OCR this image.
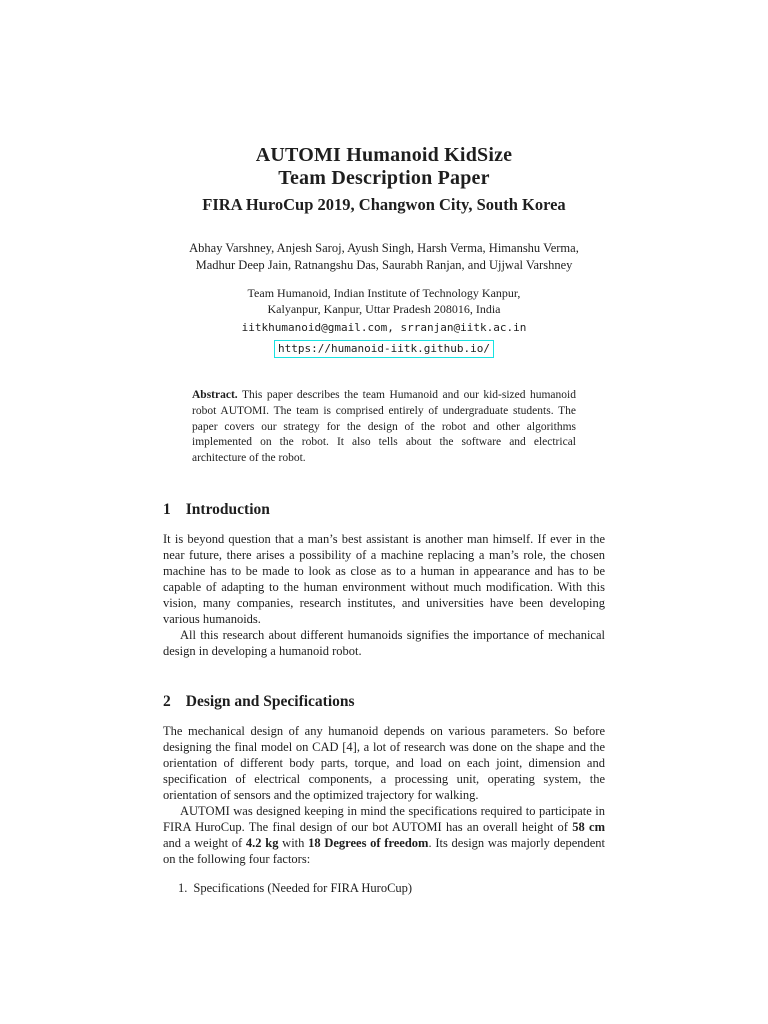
AUTOMI Humanoid KidSize
Team Description Paper
FIRA HuroCup 2019, Changwon City, South Korea
Abhay Varshney, Anjesh Saroj, Ayush Singh, Harsh Verma, Himanshu Verma,
Madhur Deep Jain, Ratnangshu Das, Saurabh Ranjan, and Ujjwal Varshney
Team Humanoid, Indian Institute of Technology Kanpur,
Kalyanpur, Kanpur, Uttar Pradesh 208016, India
iitkhumanoid@gmail.com, srranjan@iitk.ac.in
https://humanoid-iitk.github.io/
Abstract. This paper describes the team Humanoid and our kid-sized humanoid robot AUTOMI. The team is comprised entirely of undergraduate students. The paper covers our strategy for the design of the robot and other algorithms implemented on the robot. It also tells about the software and electrical architecture of the robot.
1 Introduction
It is beyond question that a man’s best assistant is another man himself. If ever in the near future, there arises a possibility of a machine replacing a man’s role, the chosen machine has to be made to look as close as to a human in appearance and has to be capable of adapting to the human environment without much modification. With this vision, many companies, research institutes, and universities have been developing various humanoids.
All this research about different humanoids signifies the importance of mechanical design in developing a humanoid robot.
2 Design and Specifications
The mechanical design of any humanoid depends on various parameters. So before designing the final model on CAD [4], a lot of research was done on the shape and the orientation of different body parts, torque, and load on each joint, dimension and specification of electrical components, a processing unit, operating system, the orientation of sensors and the optimized trajectory for walking.
AUTOMI was designed keeping in mind the specifications required to participate in FIRA HuroCup. The final design of our bot AUTOMI has an overall height of 58 cm and a weight of 4.2 kg with 18 Degrees of freedom. Its design was majorly dependent on the following four factors:
1. Specifications (Needed for FIRA HuroCup)
